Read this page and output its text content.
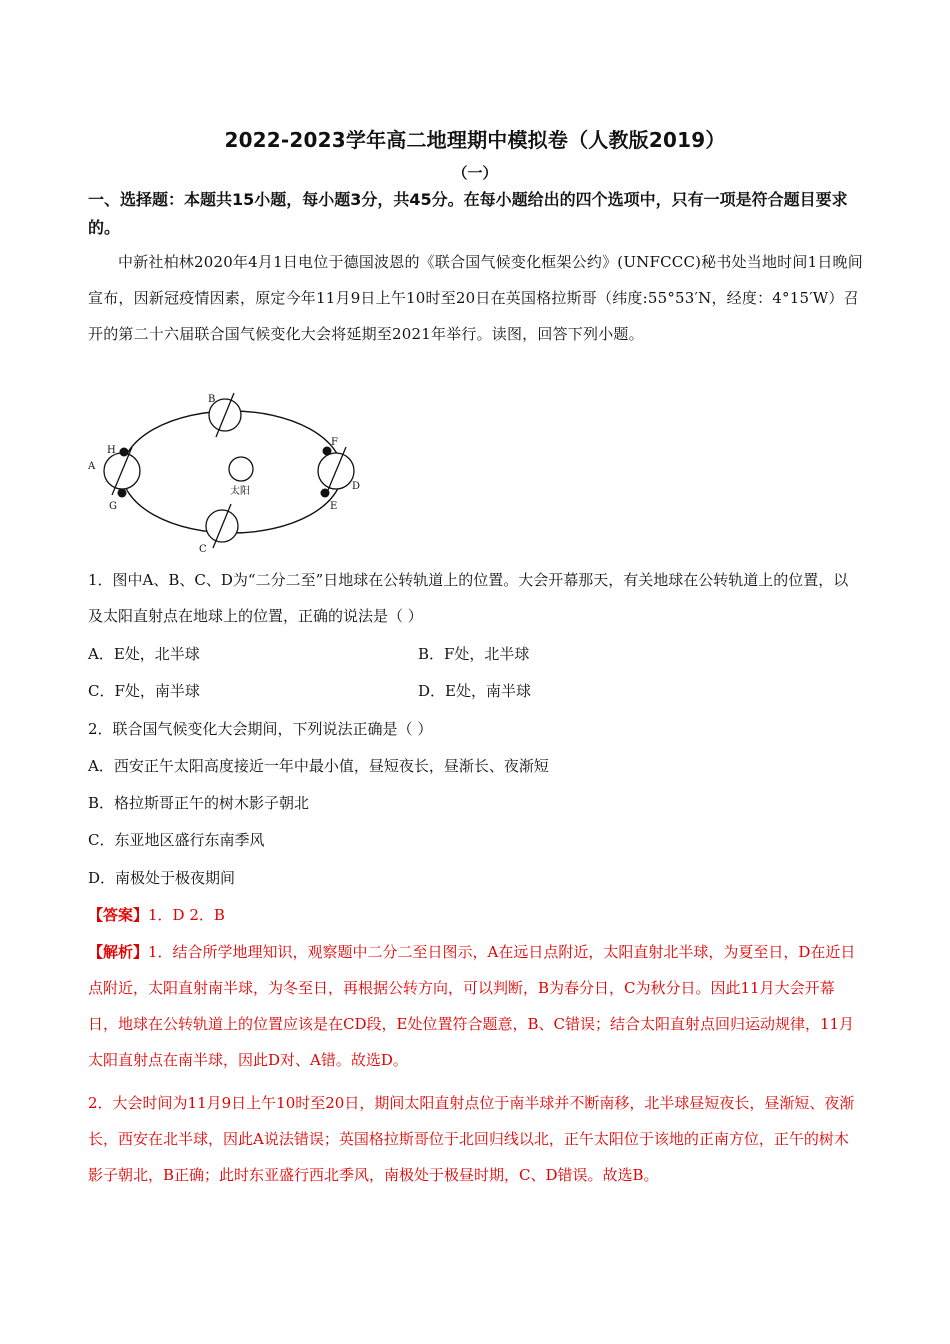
2022-2023学年高二地理期中模拟卷（人教版2019）
（一）
一、选择题：本题共15小题，每小题3分，共45分。在每小题给出的四个选项中，只有一项是符合题目要求的。
中新社柏林2020年4月1日电位于德国波恩的《联合国气候变化框架公约》(UNFCCC)秘书处当地时间1日晚间宣布，因新冠疫情因素，原定今年11月9日上午10时至20日在英国格拉斯哥（纬度:55°53′N，经度：4°15′W）召开的第二十六届联合国气候变化大会将延期至2021年举行。读图，回答下列小题。
太阳
B
C
A
H
G
D
F
E
1．图中A、B、C、D为“二分二至”日地球在公转轨道上的位置。大会开幕那天，有关地球在公转轨道上的位置，以及太阳直射点在地球上的位置，正确的说法是（ ）
A．E处，北半球	B．F处，北半球
C．F处，南半球	D．E处，南半球
2．联合国气候变化大会期间，下列说法正确是（ ）
A．西安正午太阳高度接近一年中最小值，昼短夜长，昼渐长、夜渐短
B．格拉斯哥正午的树木影子朝北
C．东亚地区盛行东南季风
D．南极处于极夜期间
【答案】1．D 2．B
【解析】1．结合所学地理知识，观察题中二分二至日图示，A在远日点附近，太阳直射北半球，为夏至日，D在近日点附近，太阳直射南半球，为冬至日，再根据公转方向，可以判断，B为春分日，C为秋分日。因此11月大会开幕日，地球在公转轨道上的位置应该是在CD段，E处位置符合题意，B、C错误；结合太阳直射点回归运动规律，11月太阳直射点在南半球，因此D对、A错。故选D。
2．大会时间为11月9日上午10时至20日，期间太阳直射点位于南半球并不断南移，北半球昼短夜长，昼渐短、夜渐长，西安在北半球，因此A说法错误；英国格拉斯哥位于北回归线以北，正午太阳位于该地的正南方位，正午的树木影子朝北，B正确；此时东亚盛行西北季风，南极处于极昼时期，C、D错误。故选B。
